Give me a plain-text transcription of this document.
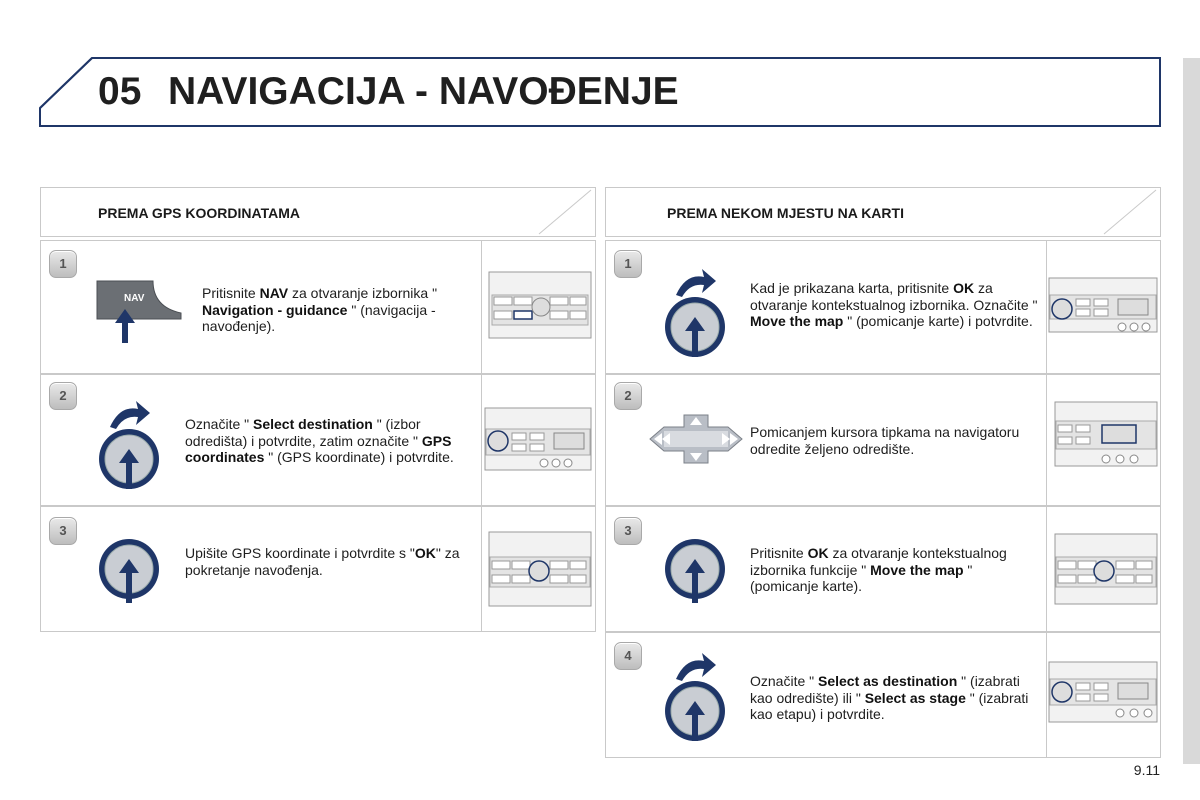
05 NAVIGACIJA - NAVOĐENJE
PREMA GPS KOORDINATAMA	PREMA NEKOM MJESTU NA KARTI
1
NAV	Pritisnite NAV za otvaranje izbornika " Navigation - guidance " (navigacija - navođenje).
2
Označite " Select destination " (izbor odredišta) i potvrdite, zatim označite " GPS coordinates " (GPS koordinate) i potvrdite.
3
Upišite GPS koordinate i potvrdite s "OK" za pokretanje navođenja.
1
Kad je prikazana karta, pritisnite OK za otvaranje kontekstualnog izbornika. Označite " Move the map " (pomicanje karte) i potvrdite.
2
Pomicanjem kursora tipkama na navigatoru odredite željeno odredište.
3
Pritisnite OK za otvaranje kontekstualnog izbornika funkcije " Move the map " (pomicanje karte).
4
Označite " Select as destination " (izabrati kao odredište) ili " Select as stage " (izabrati kao etapu) i potvrdite.
9.11
